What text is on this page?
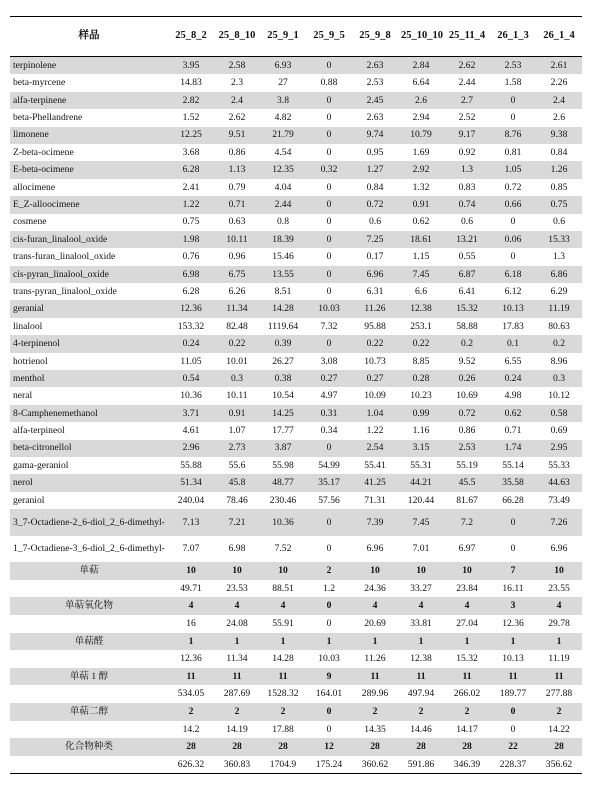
样品	25_8_2	25_8_10	25_9_1	25_9_5	25_9_8	25_10_10	25_11_4	26_1_3	26_1_4
terpinolene	3.95	2.58	6.93	0	2.63	2.84	2.62	2.53	2.61
beta-myrcene	14.83	2.3	27	0.88	2.53	6.64	2.44	1.58	2.26
alfa-terpinene	2.82	2.4	3.8	0	2.45	2.6	2.7	0	2.4
beta-Phellandrene	1.52	2.62	4.82	0	2.63	2.94	2.52	0	2.6
limonene	12.25	9.51	21.79	0	9.74	10.79	9.17	8.76	9.38
Z-beta-ocimene	3.68	0.86	4.54	0	0.95	1.69	0.92	0.81	0.84
E-beta-ocimene	6.28	1.13	12.35	0.32	1.27	2.92	1.3	1.05	1.26
allocimene	2.41	0.79	4.04	0	0.84	1.32	0.83	0.72	0.85
E_Z-alloocimene	1.22	0.71	2.44	0	0.72	0.91	0.74	0.66	0.75
cosmene	0.75	0.63	0.8	0	0.6	0.62	0.6	0	0.6
cis-furan_linalool_oxide	1.98	10.11	18.39	0	7.25	18.61	13.21	0.06	15.33
trans-furan_linalool_oxide	0.76	0.96	15.46	0	0.17	1.15	0.55	0	1.3
cis-pyran_linalool_oxide	6.98	6.75	13.55	0	6.96	7.45	6.87	6.18	6.86
trans-pyran_linalool_oxide	6.28	6.26	8.51	0	6.31	6.6	6.41	6.12	6.29
geranial	12.36	11.34	14.28	10.03	11.26	12.38	15.32	10.13	11.19
linalool	153.32	82.48	1119.64	7.32	95.88	253.1	58.88	17.83	80.63
4-terpinenol	0.24	0.22	0.39	0	0.22	0.22	0.2	0.1	0.2
hotrienol	11.05	10.01	26.27	3.08	10.73	8.85	9.52	6.55	8.96
menthol	0.54	0.3	0.38	0.27	0.27	0.28	0.26	0.24	0.3
neral	10.36	10.11	10.54	4.97	10.09	10.23	10.69	4.98	10.12
8-Camphenemethanol	3.71	0.91	14.25	0.31	1.04	0.99	0.72	0.62	0.58
alfa-terpineol	4.61	1.07	17.77	0.34	1.22	1.16	0.86	0.71	0.69
beta-citronellol	2.96	2.73	3.87	0	2.54	3.15	2.53	1.74	2.95
gama-geraniol	55.88	55.6	55.98	54.99	55.41	55.31	55.19	55.14	55.33
nerol	51.34	45.8	48.77	35.17	41.25	44.21	45.5	35.58	44.63
geraniol	240.04	78.46	230.46	57.56	71.31	120.44	81.67	66.28	73.49
3_7-Octadiene-2_6-diol_2_6-dimethyl-	7.13	7.21	10.36	0	7.39	7.45	7.2	0	7.26
1_7-Octadiene-3_6-diol_2_6-dimethyl-	7.07	6.98	7.52	0	6.96	7.01	6.97	0	6.96
单萜	10	10	10	2	10	10	10	7	10
	49.71	23.53	88.51	1.2	24.36	33.27	23.84	16.11	23.55
单萜氧化物	4	4	4	0	4	4	4	3	4
	16	24.08	55.91	0	20.69	33.81	27.04	12.36	29.78
单萜醛	1	1	1	1	1	1	1	1	1
	12.36	11.34	14.28	10.03	11.26	12.38	15.32	10.13	11.19
单萜 1 醇	11	11	11	9	11	11	11	11	11
	534.05	287.69	1528.32	164.01	289.96	497.94	266.02	189.77	277.88
单萜二醇	2	2	2	0	2	2	2	0	2
	14.2	14.19	17.88	0	14.35	14.46	14.17	0	14.22
化合物种类	28	28	28	12	28	28	28	22	28
	626.32	360.83	1704.9	175.24	360.62	591.86	346.39	228.37	356.62
